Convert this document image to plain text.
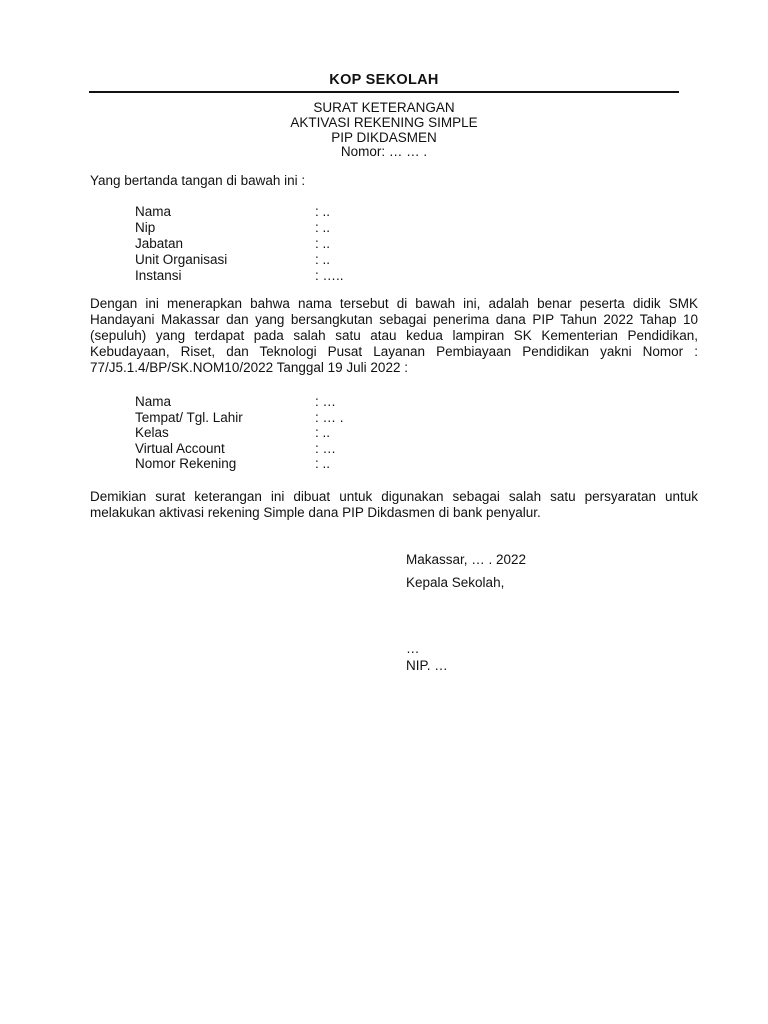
KOP SEKOLAH
SURAT KETERANGAN
AKTIVASI REKENING SIMPLE
PIP DIKDASMEN
Nomor: … … .
Yang bertanda tangan di bawah ini :
Nama	: ..
Nip	: ..
Jabatan	: ..
Unit Organisasi	: ..
Instansi	: …..
Dengan ini menerapkan bahwa nama tersebut di bawah ini, adalah benar peserta didik SMK Handayani Makassar dan yang bersangkutan sebagai penerima dana PIP Tahun 2022 Tahap 10 (sepuluh) yang terdapat pada salah satu atau kedua lampiran SK Kementerian Pendidikan, Kebudayaan, Riset, dan Teknologi Pusat Layanan Pembiayaan Pendidikan yakni Nomor : 77/J5.1.4/BP/SK.NOM10/2022 Tanggal 19 Juli 2022 :
Nama	: …
Tempat/ Tgl. Lahir	: … .
Kelas	: ..
Virtual Account	: …
Nomor Rekening	: ..
Demikian surat keterangan ini dibuat untuk digunakan sebagai salah satu persyaratan untuk melakukan aktivasi rekening Simple dana PIP Dikdasmen di bank penyalur.
Makassar, … . 2022
Kepala Sekolah,
…
NIP. …
